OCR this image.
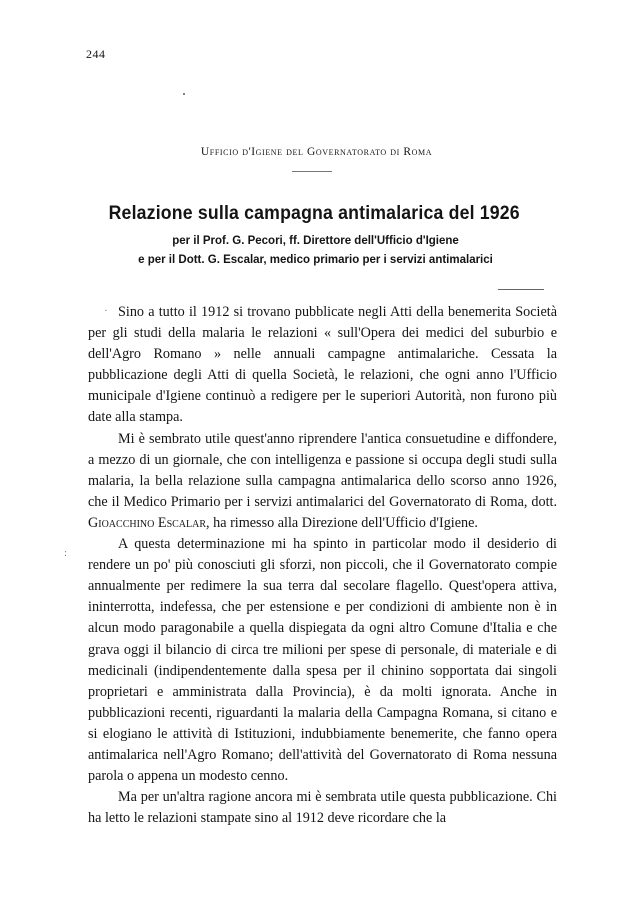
244
Ufficio d'Igiene del Governatorato di Roma
Relazione sulla campagna antimalarica del 1926
per il Prof. G. Pecori, ff. Direttore dell'Ufficio d'Igiene
e per il Dott. G. Escalar, medico primario per i servizi antimalarici
·
:

Sino a tutto il 1912 si trovano pubblicate negli Atti della benemerita Società per gli studi della malaria le relazioni « sull'Opera dei medici del suburbio e dell'Agro Romano » nelle annuali campagne antimalariche. Cessata la pubblicazione degli Atti di quella Società, le relazioni, che ogni anno l'Ufficio municipale d'Igiene continuò a redigere per le superiori Autorità, non furono più date alla stampa.

Mi è sembrato utile quest'anno riprendere l'antica consuetudine e diffondere, a mezzo di un giornale, che con intelligenza e passione si occupa degli studi sulla malaria, la bella relazione sulla campagna antimalarica dello scorso anno 1926, che il Medico Primario per i servizi antimalarici del Governatorato di Roma, dott. Gioacchino Escalar, ha rimesso alla Direzione dell'Ufficio d'Igiene.

A questa determinazione mi ha spinto in particolar modo il desiderio di rendere un po' più conosciuti gli sforzi, non piccoli, che il Governatorato compie annualmente per redimere la sua terra dal secolare flagello. Quest'opera attiva, ininterrotta, indefessa, che per estensione e per condizioni di ambiente non è in alcun modo paragonabile a quella dispiegata da ogni altro Comune d'Italia e che grava oggi il bilancio di circa tre milioni per spese di personale, di materiale e di medicinali (indipendentemente dalla spesa per il chinino sopportata dai singoli proprietari e amministrata dalla Provincia), è da molti ignorata. Anche in pubblicazioni recenti, riguardanti la malaria della Campagna Romana, si citano e si elogiano le attività di Istituzioni, indubbiamente benemerite, che fanno opera antimalarica nell'Agro Romano; dell'attività del Governatorato di Roma nessuna parola o appena un modesto cenno.

Ma per un'altra ragione ancora mi è sembrata utile questa pubblicazione. Chi ha letto le relazioni stampate sino al 1912 deve ricordare che la
